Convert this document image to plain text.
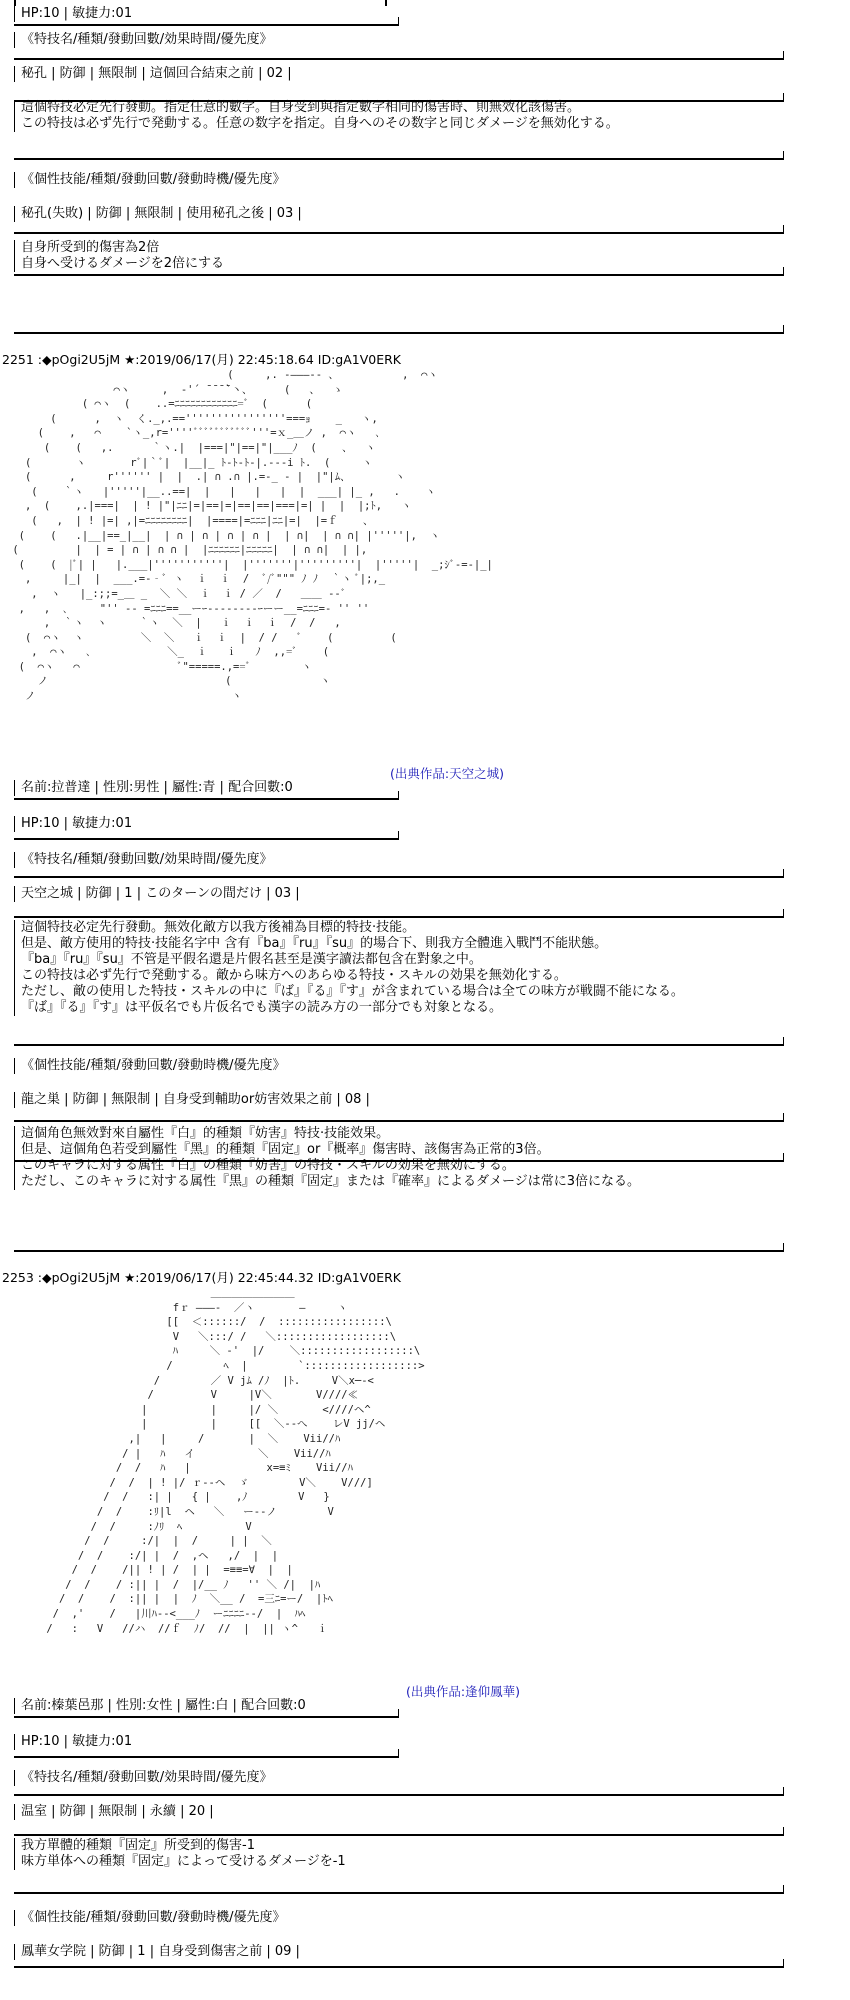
HP:10 | 敏捷力:01
《特技名/種類/發動回數/効果時間/優先度》
秘孔 | 防御 | 無限制 | 這個回合結束之前 | 02 |
這個特技必定先行發動。指定任意的數字。自身受到與指定數字相同的傷害時、則無效化該傷害。
この特技は必ず先行で発動する。任意の数字を指定。自身へのその数字と同じダメージを無効化する。
《個性技能/種類/發動回數/發動時機/優先度》
秘孔(失敗) | 防御 | 無限制 | 使用秘孔之後 | 03 |
自身所受到的傷害為2倍
自身へ受けるダメージを2倍にする
2251 :◆pOgi2U5jM ★:2019/06/17(月) 22:45:18.64 ID:gA1V0ERK
(     ,. -―――‐- 、          ,  ⌒ヽ
⌒ヽ     ,  ‐'´ ̄ ̄ ̄ ̄`丶、     (   、  ゝ
( ⌒ヽ  (    ..=ﾆﾆﾆﾆﾆﾆﾆﾆﾆﾆﾆﾆ=ﾞ  (      (
(      ,  ヽ  く._,.==''''''''''''''''===ｮ    _   ヽ,
(    ,   ⌒    `ヽ_,r=''''ﾞﾞﾞﾞﾞﾞﾞﾞﾞﾞﾞ'''=ｘ_＿ノ ,  ⌒ヽ   ､
(    (   ,.      ｀ヽ.|  |===|"|==|"|___ﾉ  (    、  ヽ
(       ヽ       rﾞ|｀ﾞ|  |__|_ ﾄ-ﾄ-ﾄ-|.--‐i ﾄ.  (     ヽ
(      ,     r'''''' |  |  .| ∩ .∩ |.=-_ - |  |"|ﾑ、       ヽ
(    ｀ヽ   |'''''|__..==|  |   |   |   |  |  ___| |_ ,   .    ヽ
,  (    ,.|===|  | ! |"|ﾆﾆ|=|==|=|==|==|===|=| |  |  |;ﾄ,   ヽ
(   ,  | ! |=| ,|=ﾆﾆﾆﾆﾆﾆﾆﾆ|  |====|=ﾆﾆﾆ|ﾆﾆ|=|  |=ｆ    、
(    (   .|__|==_|__|  | ∩ | ∩ | ∩ | ∩ |  | ∩|  | ∩ ∩| |'''''|,  ヽ
(         |  | = | ∩ | ∩ ∩ |  |ﾆﾆﾆﾆﾆﾆ|ﾆﾆﾆﾆﾆ|  | ∩ ∩|  | |,
(    (  |ﾞ| |   |.___|'''''''''''|  |'''''''|'''''''''|  |'''''|  _;ｼﾞ-=-|_|
,     |_|  |  ___.=-‐ﾞ ヽ  ｉ  ｉ  /  ﾞ/ﾞ""" ﾉ ﾉ  ｀ヽ ﾞ|;,_
,  ヽ   |_:;;=_＿ _  ＼ ＼  ｉ  ｉ / ／  /   ＿＿ -‐ﾞ
,   ,  ､     "'' ‐- =ﾆﾆﾆ==__ーｰ--------ｰーー__=ﾆﾆﾆ=- '' ''
,  ｀ヽ  ヽ     ｀ヽ  ＼  |   ｉ  ｉ  ｉ  /  /   ,
(  ⌒ヽ  ヽ         ＼  ＼   ｉ  ｉ  |  / /   ﾞ    (         (
,  ⌒ヽ   ､            ＼_  ｉ   ｉ   ﾉ  ,,=ﾞ    (
(  ⌒ヽ   ⌒                ﾞ"=====.,==ﾞ        ヽ
ノ                            (              ヽ
ノ                               ヽ
(出典作品:天空之城)
名前:拉普達 | 性別:男性 | 屬性:青 | 配合回數:0
HP:10 | 敏捷力:01
《特技名/種類/發動回數/効果時間/優先度》
天空之城 | 防御 | 1 | このターンの間だけ | 03 |
這個特技必定先行發動。無效化敵方以我方後補為目標的特技·技能。
但是、敵方使用的特技·技能名字中 含有『ba』『ru』『su』的場合下、則我方全體進入戰鬥不能狀態。
『ba』『ru』『su』不管是平假名還是片假名甚至是漢字讀法都包含在對象之中。
この特技は必ず先行で発動する。敵から味方へのあらゆる特技・スキルの効果を無効化する。
ただし、敵の使用した特技・スキルの中に『ば』『る』『す』が含まれている場合は全ての味方が戦闘不能になる。
『ば』『る』『す』は平仮名でも片仮名でも漢字の読み方の一部分でも対象となる。
《個性技能/種類/發動回數/發動時機/優先度》
龍之巣 | 防御 | 無限制 | 自身受到輔助or妨害效果之前 | 08 |
這個角色無效對來自屬性『白』的種類『妨害』特技·技能效果。
但是、這個角色若受到屬性『黑』的種類『固定』or『概率』傷害時、該傷害為正常的3倍。
このキャラに対する属性『白』の種類『妨害』の特技・スキルの効果を無効にする。
ただし、このキャラに対する属性『黒』の種類『固定』または『確率』によるダメージは常に3倍になる。
2253 :◆pOgi2U5jM ★:2019/06/17(月) 22:45:44.32 ID:gA1V0ERK
＿＿＿＿＿＿＿＿
fｒ ―――‐  ／ヽ       ―     ヽ
[[  ＜::::::/  /  :::::::::::::::::\
V   ＼:::/ /   ＼::::::::::::::::::\
ﾊ     ＼ -'  |/    ＼::::::::::::::::::\
/        ﾍ  |        `::::::::::::::::::>
/        ／ V jﾑ /ﾉ  |ﾄ.     V＼x─‐<
/         V     |V＼       V////≪
|          |     |/ ＼       <////ヘ^
|          |     [[  ＼--へ    レV jj/ヘ
,|   |     /       |  ＼    Vii//ﾊ
/ |   ﾊ   イ          ＼    Vii//ﾊ
/  /   ﾊ   |            x=≡ﾐ    Vii//ﾊ
/  /  | ! |/ ｒ‐‐ヘ  ゞ        V＼    V///]
/  /   :| |   { |    ,ﾉ        V   }
/  /    :ﾘ|l  ヘ   ＼   ー‐‐ノ        V
/  /     :ﾉﾘ  ﾍ          V
/  /     :/|  |  /     | |  ＼
/  /    :/| |  /  ,ヘ   ,/  |  |
/  /    /|| ! | /  | |  =≡≡=∀  |  |
/  /    / :|| |  /  |/__ ﾉ   '' ＼ /|  |ﾊ
/  /    /  :|| |  |  ﾉ  ＼__ /  =三ﾆ=ー/  |ﾄﾍ
/  ,'    /   |川ﾊ--<___ﾉ  ーﾆﾆﾆﾆ‐‐/  |  ﾊﾍ
/   :   V   //ハ  //ｆ  ﾉ/  //  |  || ヽ^   ｉ
(出典作品:逢仰鳳華)
名前:榛葉邑那 | 性別:女性 | 屬性:白 | 配合回數:0
HP:10 | 敏捷力:01
《特技名/種類/發動回數/効果時間/優先度》
温室 | 防御 | 無限制 | 永續 | 20 |
我方單體的種類『固定』所受到的傷害-1
味方単体への種類『固定』によって受けるダメージを-1
《個性技能/種類/發動回數/發動時機/優先度》
鳳華女学院 | 防御 | 1 | 自身受到傷害之前 | 09 |
